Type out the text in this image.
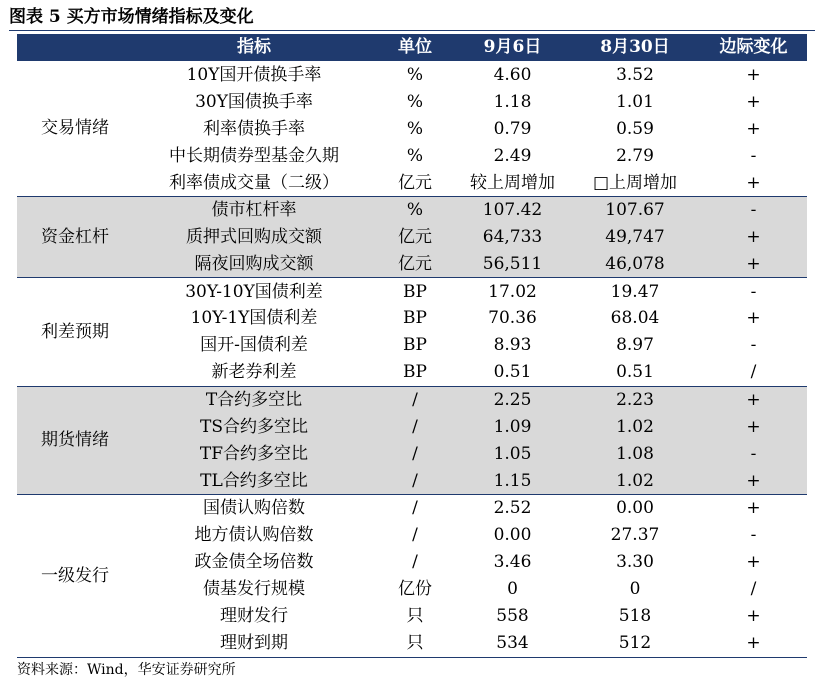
图表 5 买方市场情绪指标及变化
	指标	单位	9月6日	8月30日	边际变化
交易情绪	10Y国开债换手率	%	4.60	3.52	+
	30Y国债换手率	%	1.18	1.01	+
	利率债换手率	%	0.79	0.59	+
	中长期债券型基金久期	%	2.49	2.79	-
	利率债成交量（二级）	亿元	较上周增加	□上周增加	+
资金杠杆	债市杠杆率	%	107.42	107.67	-
	质押式回购成交额	亿元	64,733	49,747	+
	隔夜回购成交额	亿元	56,511	46,078	+
利差预期	30Y-10Y国债利差	BP	17.02	19.47	-
	10Y-1Y国债利差	BP	70.36	68.04	+
	国开-国债利差	BP	8.93	8.97	-
	新老券利差	BP	0.51	0.51	/
期货情绪	T合约多空比	/	2.25	2.23	+
	TS合约多空比	/	1.09	1.02	+
	TF合约多空比	/	1.05	1.08	-
	TL合约多空比	/	1.15	1.02	+
一级发行	国债认购倍数	/	2.52	0.00	+
	地方债认购倍数	/	0.00	27.37	-
	政金债全场倍数	/	3.46	3.30	+
	债基发行规模	亿份	0	0	/
	理财发行	只	558	518	+
	理财到期	只	534	512	+
资料来源：Wind，华安证券研究所
